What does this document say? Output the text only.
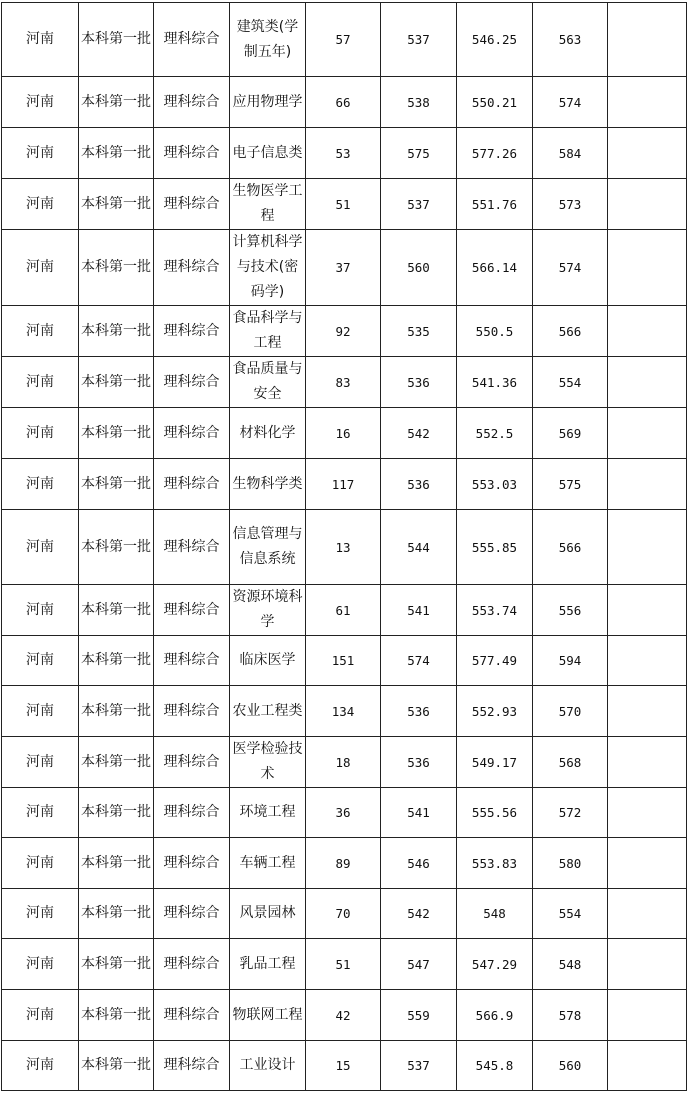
河南	本科第一批	理科综合	建筑类(学制五年)	57	537	546.25	563	
河南	本科第一批	理科综合	应用物理学	66	538	550.21	574	
河南	本科第一批	理科综合	电子信息类	53	575	577.26	584	
河南	本科第一批	理科综合	生物医学工程	51	537	551.76	573	
河南	本科第一批	理科综合	计算机科学与技术(密码学)	37	560	566.14	574	
河南	本科第一批	理科综合	食品科学与工程	92	535	550.5	566	
河南	本科第一批	理科综合	食品质量与安全	83	536	541.36	554	
河南	本科第一批	理科综合	材料化学	16	542	552.5	569	
河南	本科第一批	理科综合	生物科学类	117	536	553.03	575	
河南	本科第一批	理科综合	信息管理与信息系统	13	544	555.85	566	
河南	本科第一批	理科综合	资源环境科学	61	541	553.74	556	
河南	本科第一批	理科综合	临床医学	151	574	577.49	594	
河南	本科第一批	理科综合	农业工程类	134	536	552.93	570	
河南	本科第一批	理科综合	医学检验技术	18	536	549.17	568	
河南	本科第一批	理科综合	环境工程	36	541	555.56	572	
河南	本科第一批	理科综合	车辆工程	89	546	553.83	580	
河南	本科第一批	理科综合	风景园林	70	542	548	554	
河南	本科第一批	理科综合	乳品工程	51	547	547.29	548	
河南	本科第一批	理科综合	物联网工程	42	559	566.9	578	
河南	本科第一批	理科综合	工业设计	15	537	545.8	560	
